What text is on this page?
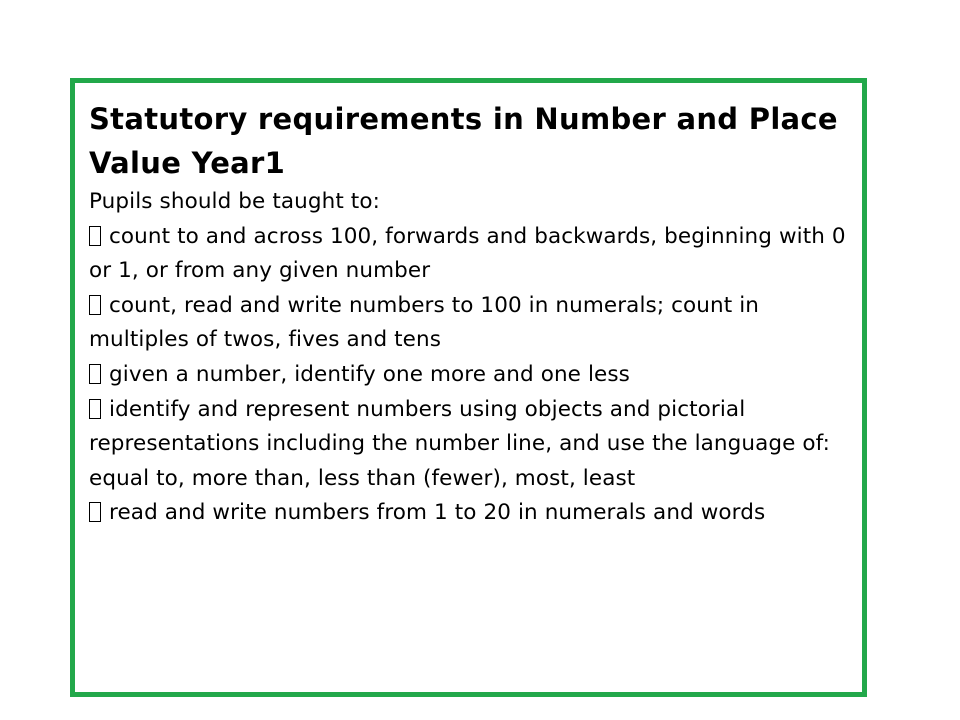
Statutory requirements in Number and Place Value Year1

Pupils should be taught to:

count to and across 100, forwards and backwards, beginning with 0 or 1, or from any given number
count, read and write numbers to 100 in numerals; count in multiples of twos, fives and tens
given a number, identify one more and one less
identify and represent numbers using objects and pictorial representations including the number line, and use the language of: equal to, more than, less than (fewer), most, least
read and write numbers from 1 to 20 in numerals and words
